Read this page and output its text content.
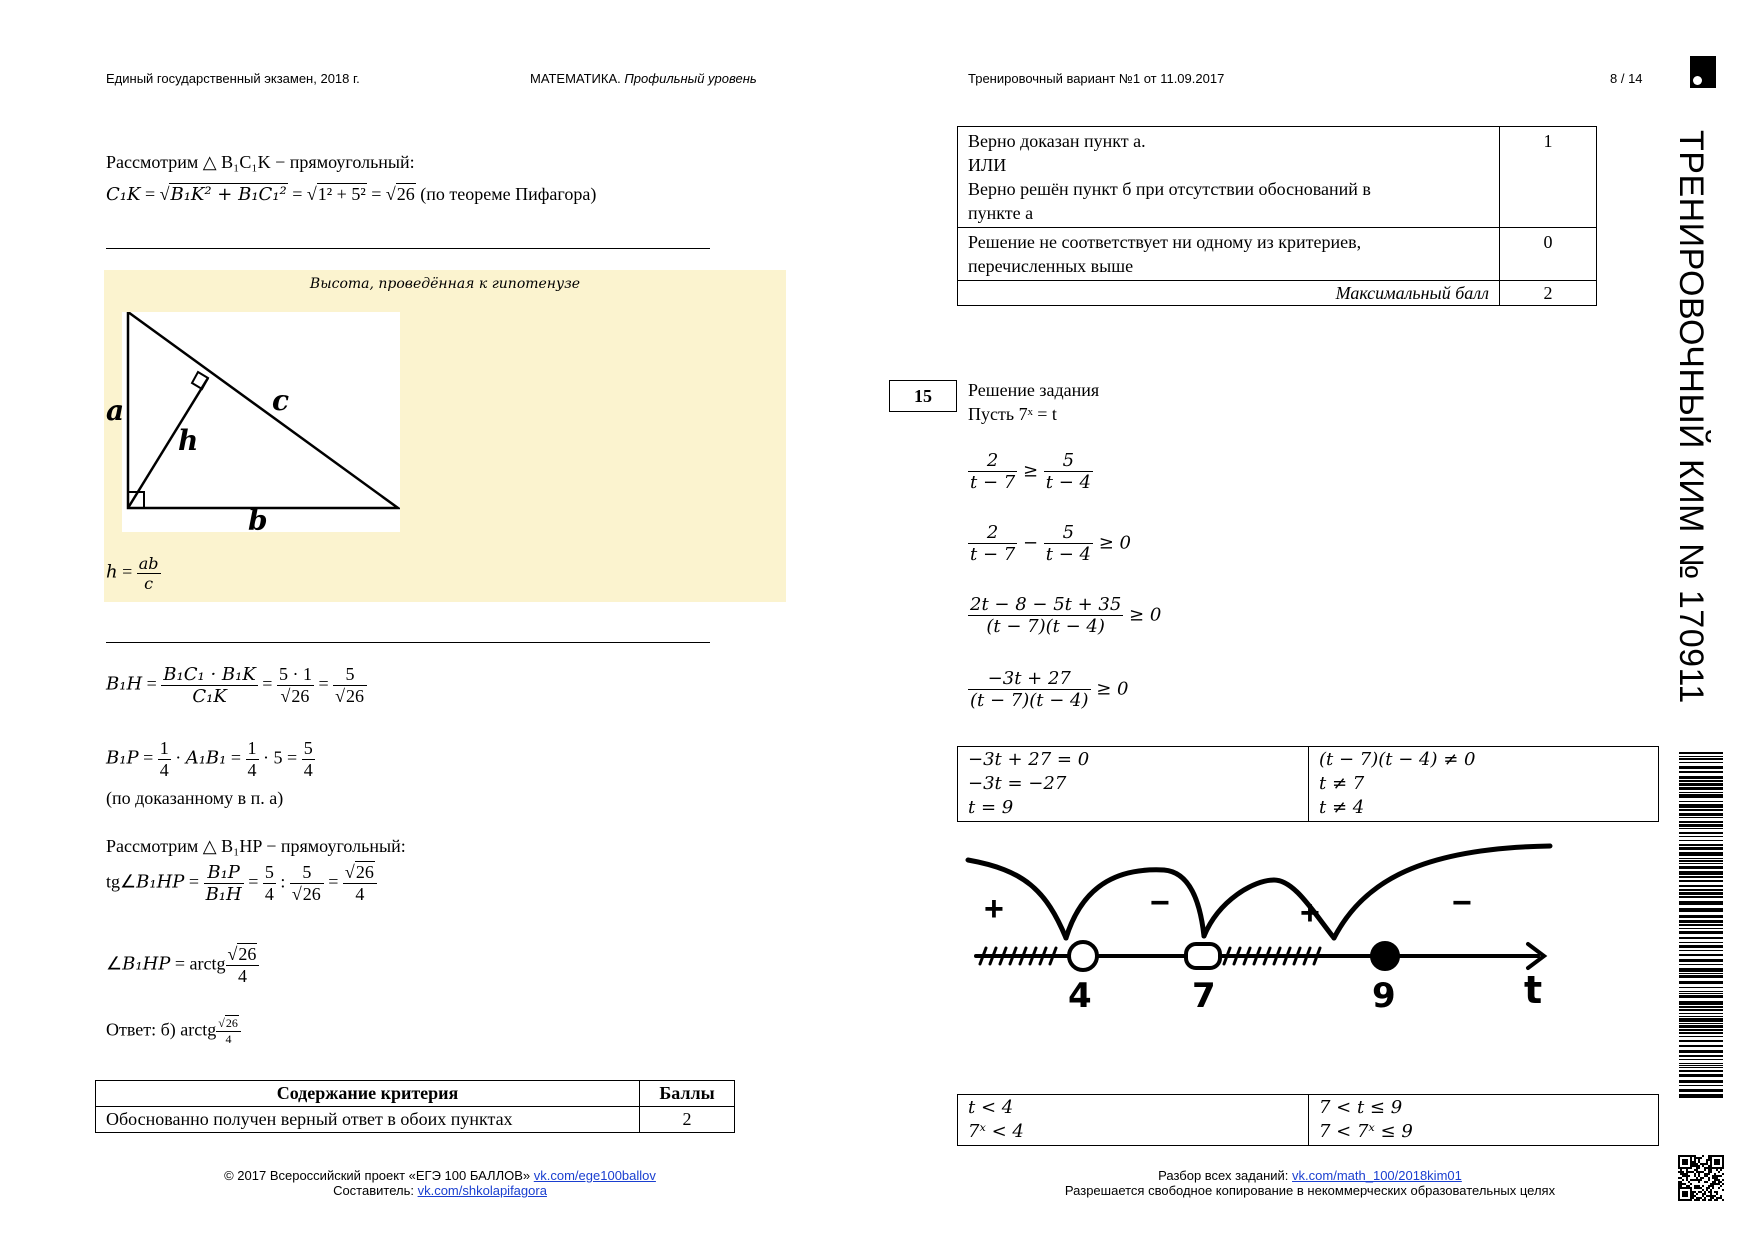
Единый государственный экзамен, 2018 г.	МАТЕМАТИКА. Профильный уровень	Тренировочный вариант №1 от 11.09.2017	8 / 14
ТРЕНИРОВОЧНЫЙ КИМ № 170911
Рассмотрим △ B₁C₁K − прямоугольный:
C₁K = √B₁K² + B₁C₁² = √1² + 5² = √26 (по теореме Пифагора)
Высота, проведённая к гипотенузе
a
h
c
b
$h = \frac{ab}{c}$
$B_1H = \frac{\text{B₁C₁ · B₁K}}{\text{C₁K}} = \frac{5 \cdot 1}{√26} = \frac{5}{√26}$
$B_1P = \frac{1}{4} \cdot A_1B_1 = \frac{1}{4} \cdot 5 = \frac{5}{4}$
(по доказанному в п. а)
Рассмотрим △ B₁HP − прямоугольный:
tg∠B₁HP = $\frac{\text{B₁P}}{\text{B₁H}} = \frac{5}{4}$ : $\frac{5}{√26} = \frac{√26}{4}$
∠B₁HP = arctg $\frac{√26}{4}$
Ответ: б) arctg $\frac{√26}{4}$
Содержание критерия	Баллы
Обоснованно получен верный ответ в обоих пунктах	2
Верно доказан пункт а.
ИЛИ
Верно решён пункт б при отсутствии обоснований в
пункте а	1

Решение не соответствует ни одному из критериев,
перечисленных выше	0
Максимальный балл	2
15	Решение задания
Пусть 7ˣ = t
$\frac{2}{t - 7} \ge \frac{5}{t - 4}$
$\frac{2}{t - 7} - \frac{5}{t - 4} \ge 0$
$\frac{2t - 8 - 5t + 35}{(t - 7)(t - 4)} \ge 0$
$\frac{-3t + 27}{(t - 7)(t - 4)} \ge 0$
−3t + 27 = 0
−3t = −27
t = 9

(t − 7)(t − 4) ≠ 0
t ≠ 7
t ≠ 4
+	−	+	−
4	7	9	t
t < 4
7ˣ < 4

7 < t ≤ 9
7 < 7ˣ ≤ 9
© 2017 Всероссийский проект «ЕГЭ 100 БАЛЛОВ» vk.com/ege100ballov
Составитель: vk.com/shkolapifagora
Разбор всех заданий: vk.com/math_100/2018kim01
Разрешается свободное копирование в некоммерческих образовательных целях
